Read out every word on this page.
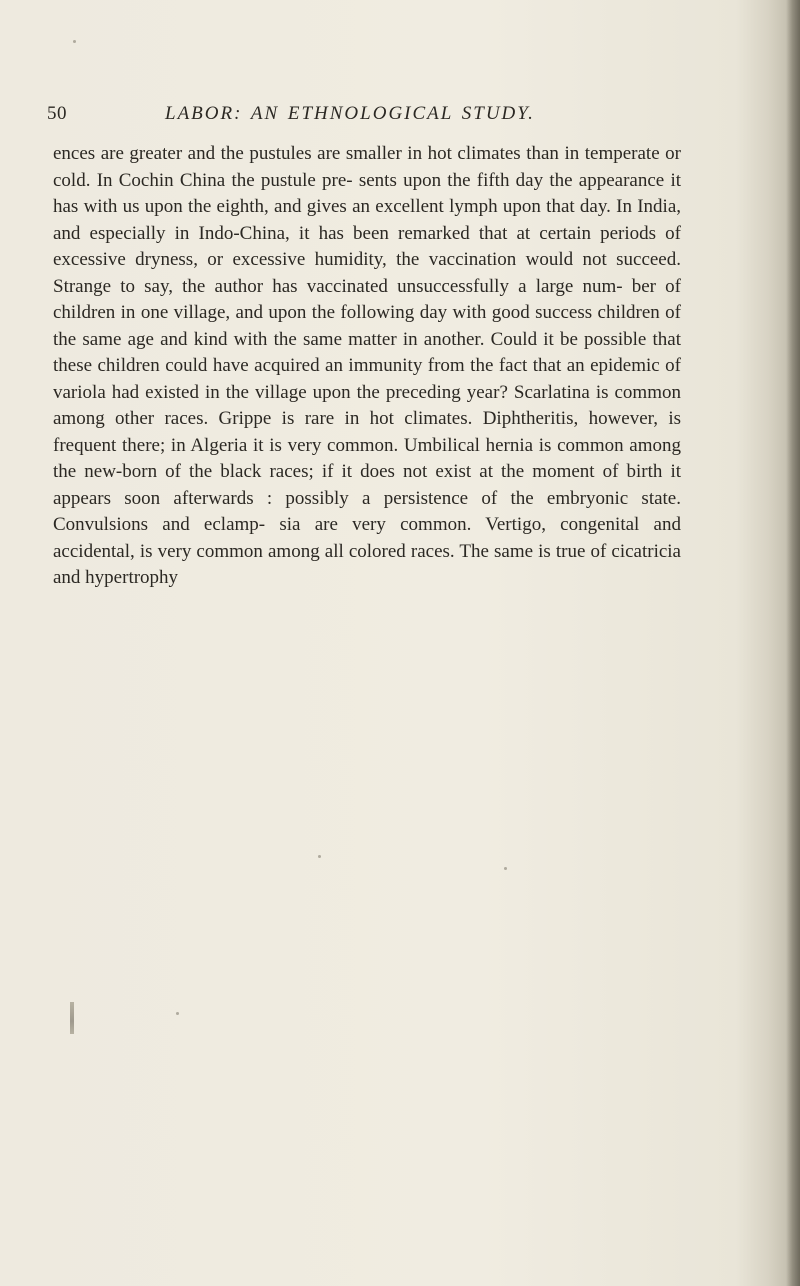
50	LABOR: AN ETHNOLOGICAL STUDY.

ences are greater and the pustules are smaller in hot climates than in temperate or cold. In Cochin China the pustule pre- sents upon the fifth day the appearance it has with us upon the eighth, and gives an excellent lymph upon that day. In India, and especially in Indo-China, it has been remarked that at certain periods of excessive dryness, or excessive humidity, the vaccination would not succeed. Strange to say, the author has vaccinated unsuccessfully a large num- ber of children in one village, and upon the following day with good success children of the same age and kind with the same matter in another. Could it be possible that these children could have acquired an immunity from the fact that an epidemic of variola had existed in the village upon the preceding year? Scarlatina is common among other races. Grippe is rare in hot climates. Diphtheritis, however, is frequent there; in Algeria it is very common. Umbilical hernia is common among the new-born of the black races; if it does not exist at the moment of birth it appears soon afterwards : possibly a persistence of the embryonic state. Convulsions and eclamp- sia are very common. Vertigo, congenital and accidental, is very common among all colored races. The same is true of cicatricia and hypertrophy
